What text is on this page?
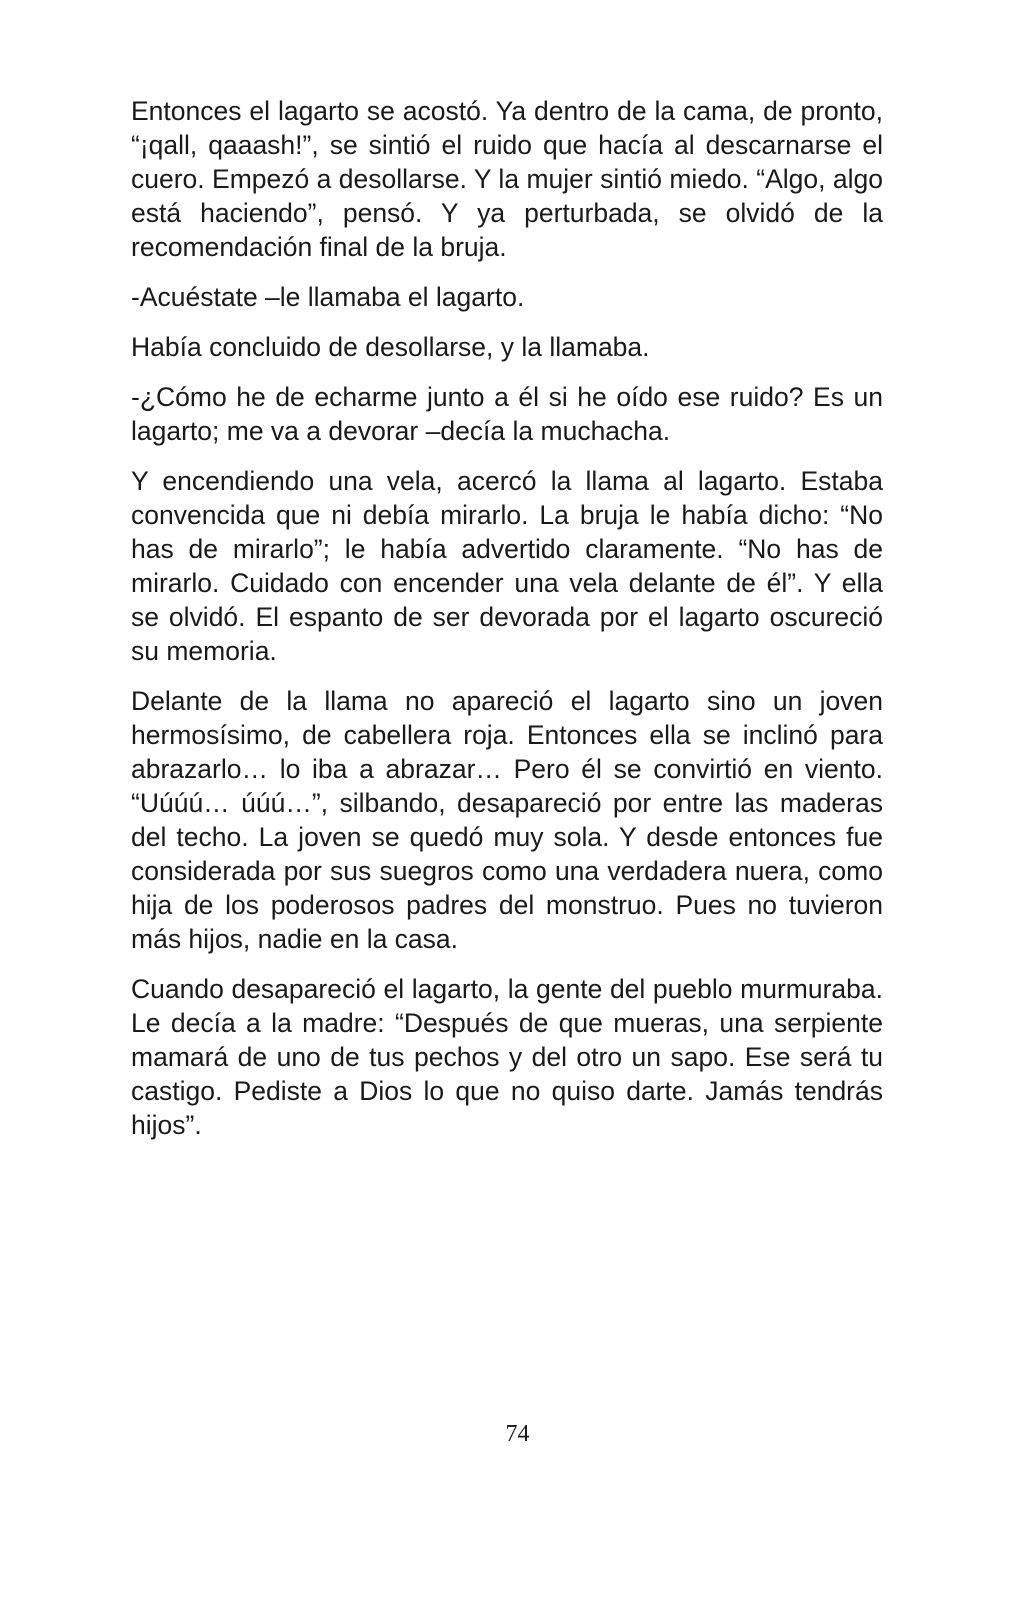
Entonces el lagarto se acostó. Ya dentro de la cama, de pronto, “¡qall, qaaash!”, se sintió el ruido que hacía al descarnarse el cuero. Empezó a desollarse. Y la mujer sintió miedo. “Algo, algo está haciendo”, pensó. Y ya perturbada, se olvidó de la recomendación final de la bruja.

-Acuéstate –le llamaba el lagarto.

Había concluido de desollarse, y la llamaba.

-¿Cómo he de echarme junto a él si he oído ese ruido? Es un lagarto; me va a devorar –decía la muchacha.

Y encendiendo una vela, acercó la llama al lagarto. Estaba convencida que ni debía mirarlo. La bruja le había dicho: “No has de mirarlo”; le había advertido claramente. “No has de mirarlo. Cuidado con encender una vela delante de él”. Y ella se olvidó. El espanto de ser devorada por el lagarto oscureció su memoria.

Delante de la llama no apareció el lagarto sino un joven hermosísimo, de cabellera roja. Entonces ella se inclinó para abrazarlo… lo iba a abrazar… Pero él se convirtió en viento. “Uúúú… úúú…”, silbando, desapareció por entre las maderas del techo. La joven se quedó muy sola. Y desde entonces fue considerada por sus suegros como una verdadera nuera, como hija de los poderosos padres del monstruo. Pues no tuvieron más hijos, nadie en la casa.

Cuando desapareció el lagarto, la gente del pueblo murmuraba. Le decía a la madre: “Después de que mueras, una serpiente mamará de uno de tus pechos y del otro un sapo. Ese será tu castigo. Pediste a Dios lo que no quiso darte. Jamás tendrás hijos”.

74
